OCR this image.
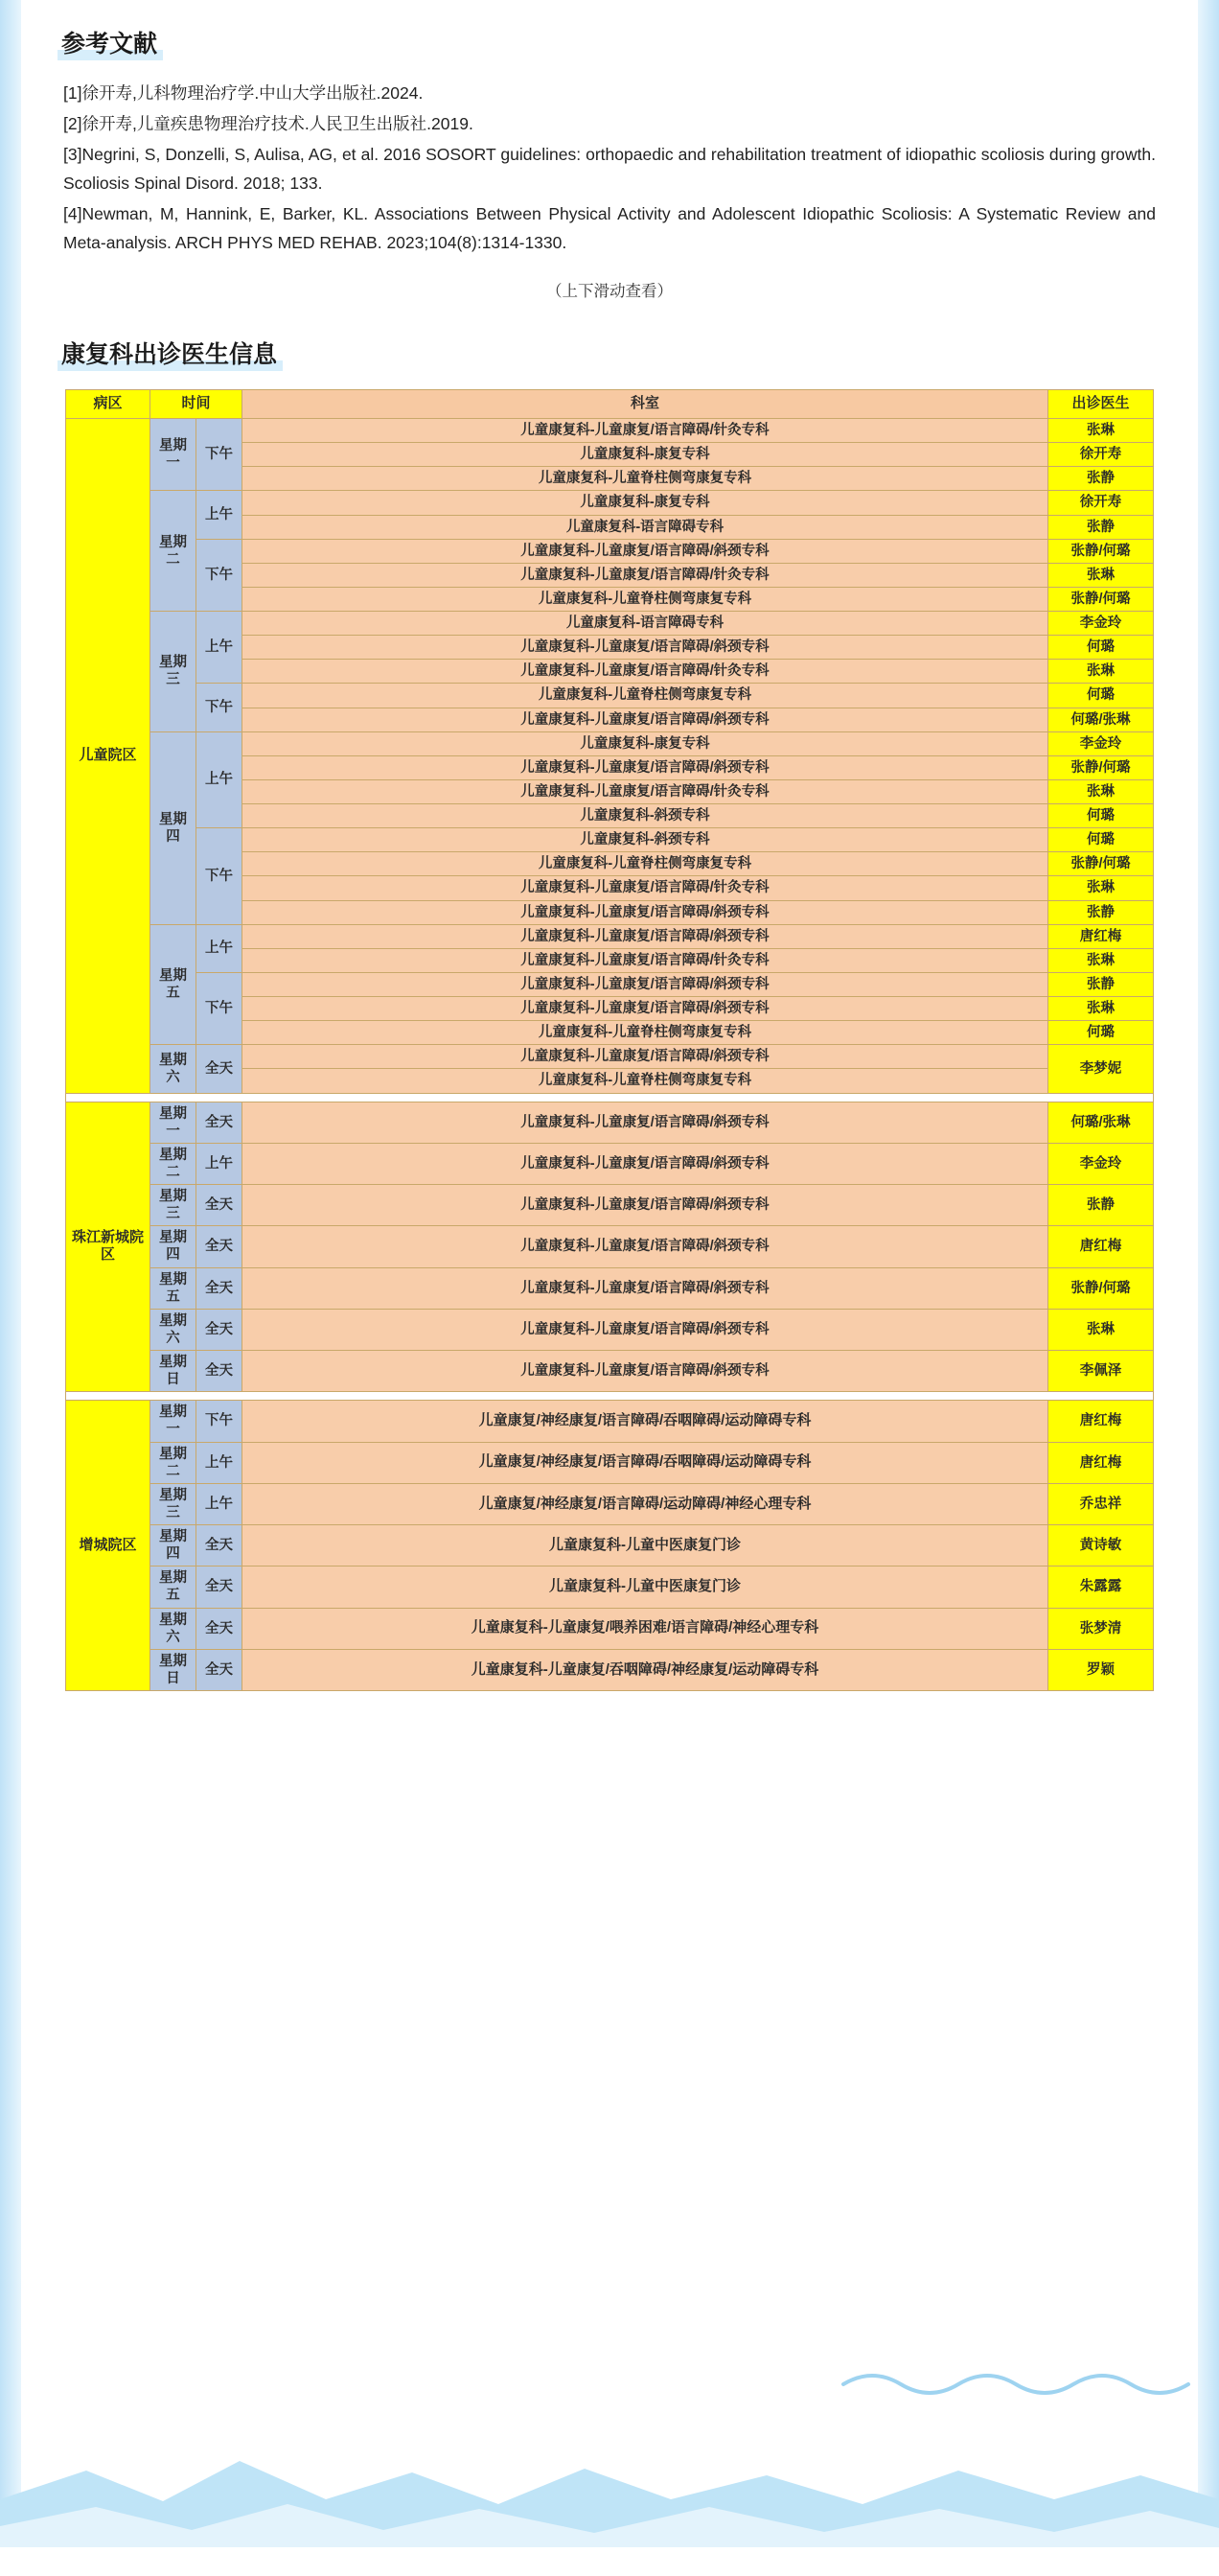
参考文献

[1]徐开寿,儿科物理治疗学.中山大学出版社.2024.

[2]徐开寿,儿童疾患物理治疗技术.人民卫生出版社.2019.

[3]Negrini, S, Donzelli, S, Aulisa, AG, et al. 2016 SOSORT guidelines: orthopaedic and rehabilitation treatment of idiopathic scoliosis during growth. Scoliosis Spinal Disord. 2018; 133.

[4]Newman, M, Hannink, E, Barker, KL. Associations Between Physical Activity and Adolescent Idiopathic Scoliosis: A Systematic Review and Meta-analysis. ARCH PHYS MED REHAB. 2023;104(8):1314-1330.

（上下滑动查看）
康复科出诊医生信息
病区	时间		科室	出诊医生
儿童院区	星期一	下午	儿童康复科-儿童康复/语言障碍/针灸专科	张琳
			儿童康复科-康复专科	徐开寿
			儿童康复科-儿童脊柱侧弯康复专科	张静
	星期二	上午	儿童康复科-康复专科	徐开寿
			儿童康复科-语言障碍专科	张静
		下午	儿童康复科-儿童康复/语言障碍/斜颈专科	张静/何璐
			儿童康复科-儿童康复/语言障碍/针灸专科	张琳
			儿童康复科-儿童脊柱侧弯康复专科	张静/何璐
	星期三	上午	儿童康复科-语言障碍专科	李金玲
			儿童康复科-儿童康复/语言障碍/斜颈专科	何璐
			儿童康复科-儿童康复/语言障碍/针灸专科	张琳
		下午	儿童康复科-儿童脊柱侧弯康复专科	何璐
			儿童康复科-儿童康复/语言障碍/斜颈专科	何璐/张琳
	星期四	上午	儿童康复科-康复专科	李金玲
			儿童康复科-儿童康复/语言障碍/斜颈专科	张静/何璐
			儿童康复科-儿童康复/语言障碍/针灸专科	张琳
			儿童康复科-斜颈专科	何璐
		下午	儿童康复科-斜颈专科	何璐
			儿童康复科-儿童脊柱侧弯康复专科	张静/何璐
			儿童康复科-儿童康复/语言障碍/针灸专科	张琳
			儿童康复科-儿童康复/语言障碍/斜颈专科	张静
	星期五	上午	儿童康复科-儿童康复/语言障碍/斜颈专科	唐红梅
			儿童康复科-儿童康复/语言障碍/针灸专科	张琳
		下午	儿童康复科-儿童康复/语言障碍/斜颈专科	张静
			儿童康复科-儿童康复/语言障碍/斜颈专科	张琳
			儿童康复科-儿童脊柱侧弯康复专科	何璐
	星期六	全天	儿童康复科-儿童康复/语言障碍/斜颈专科	李梦妮
			儿童康复科-儿童脊柱侧弯康复专科	

珠江新城院区	星期一	全天	儿童康复科-儿童康复/语言障碍/斜颈专科	何璐/张琳
	星期二	上午	儿童康复科-儿童康复/语言障碍/斜颈专科	李金玲
	星期三	全天	儿童康复科-儿童康复/语言障碍/斜颈专科	张静
	星期四	全天	儿童康复科-儿童康复/语言障碍/斜颈专科	唐红梅
	星期五	全天	儿童康复科-儿童康复/语言障碍/斜颈专科	张静/何璐
	星期六	全天	儿童康复科-儿童康复/语言障碍/斜颈专科	张琳
	星期日	全天	儿童康复科-儿童康复/语言障碍/斜颈专科	李佩泽

增城院区	星期一	下午	儿童康复/神经康复/语言障碍/吞咽障碍/运动障碍专科	唐红梅
	星期二	上午	儿童康复/神经康复/语言障碍/吞咽障碍/运动障碍专科	唐红梅
	星期三	上午	儿童康复/神经康复/语言障碍/运动障碍/神经心理专科	乔忠祥
	星期四	全天	儿童康复科-儿童中医康复门诊	黄诗敏
	星期五	全天	儿童康复科-儿童中医康复门诊	朱露露
	星期六	全天	儿童康复科-儿童康复/喂养困难/语言障碍/神经心理专科	张梦清
	星期日	全天	儿童康复科-儿童康复/吞咽障碍/神经康复/运动障碍专科	罗颖
